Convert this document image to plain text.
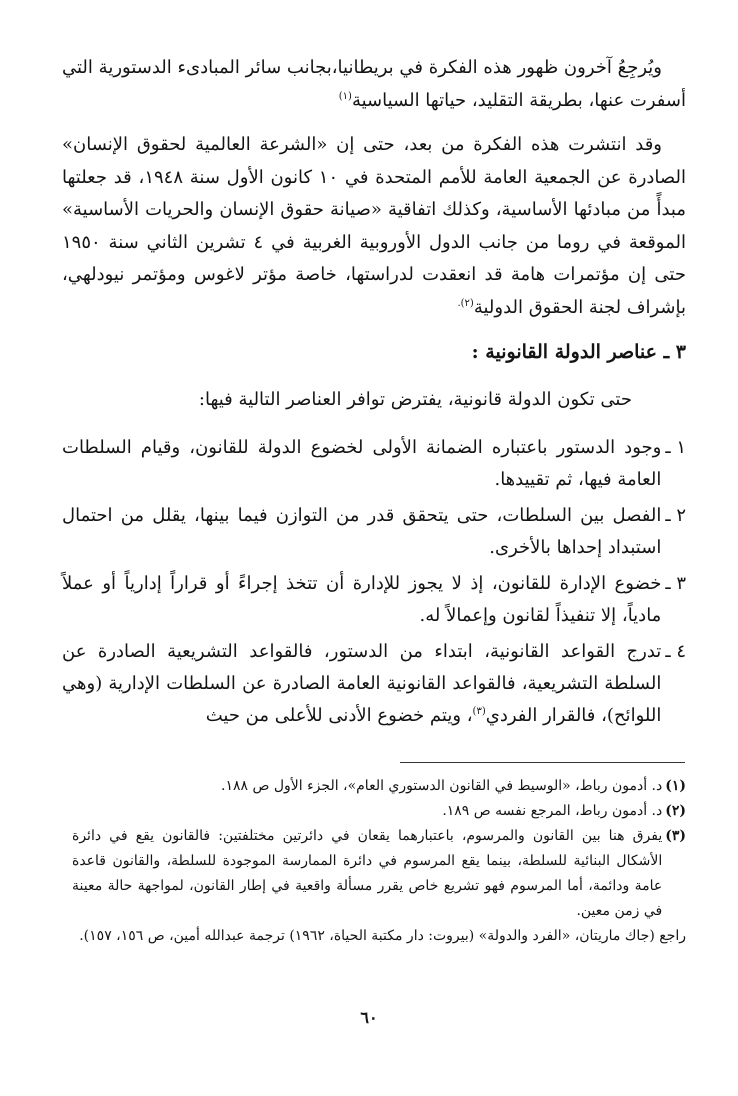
ويُرجِعُ آخرون ظهور هذه الفكرة في بريطانيا،بجانب سائر المبادىء الدستورية التي أسفرت عنها، بطريقة التقليد، حياتها السياسية$^{(١)}$

وقد انتشرت هذه الفكرة من بعد، حتى إن «الشرعة العالمية لحقوق الإنسان» الصادرة عن الجمعية العامة للأمم المتحدة في ١٠ كانون الأول سنة ١٩٤٨، قد جعلتها مبدأً من مبادئها الأساسية، وكذلك اتفاقية «صيانة حقوق الإنسان والحريات الأساسية» الموقعة في روما من جانب الدول الأوروبية الغربية في ٤ تشرين الثاني سنة ١٩٥٠ حتى إن مؤتمرات هامة قد انعقدت لدراستها، خاصة مؤتر لاغوس ومؤتمر نيودلهي، بإشراف لجنة الحقوق الدولية$^{(٢).}$

٣ ـ عناصر الدولة القانونية :

حتى تكون الدولة قانونية، يفترض توافر العناصر التالية فيها:

١ ـ
وجود الدستور باعتباره الضمانة الأولى لخضوع الدولة للقانون، وقيام السلطات العامة فيها، ثم تقييدها.
٢ ـ
الفصل بين السلطات، حتى يتحقق قدر من التوازن فيما بينها، يقلل من احتمال استبداد إحداها بالأخرى.
٣ ـ
خضوع الإدارة للقانون، إذ لا يجوز للإدارة أن تتخذ إجراءً أو قراراً إدارياً أو عملاً مادياً، إلا تنفيذاً لقانون وإعمالاً له.
٤ ـ
تدرج القواعد القانونية، ابتداء من الدستور، فالقواعد التشريعية الصادرة عن السلطة التشريعية، فالقواعد القانونية العامة الصادرة عن السلطات الإدارية (وهي اللوائح)، فالقرار الفردي$^{(٣)}$، ويتم خضوع الأدنى للأعلى من حيث
(١)
د. أدمون رباط، «الوسيط في القانون الدستوري العام»، الجزء الأول ص ١٨٨.
(٢)
د. أدمون رباط، المرجع نفسه ص ١٨٩.
(٣)
يفرق هنا بين القانون والمرسوم، باعتبارهما يقعان في دائرتين مختلفتين: فالقانون يقع في دائرة الأشكال البنائية للسلطة، بينما يقع المرسوم في دائرة الممارسة الموجودة للسلطة، والقانون قاعدة عامة ودائمة، أما المرسوم فهو تشريع خاص يقرر مسألة واقعية في إطار القانون، لمواجهة حالة معينة في زمن معين.

راجع (جاك ماريتان، «الفرد والدولة» (بيروت: دار مكتبة الحياة، ١٩٦٢) ترجمة عبدالله أمين، ص ١٥٦، ١٥٧).

٦٠
